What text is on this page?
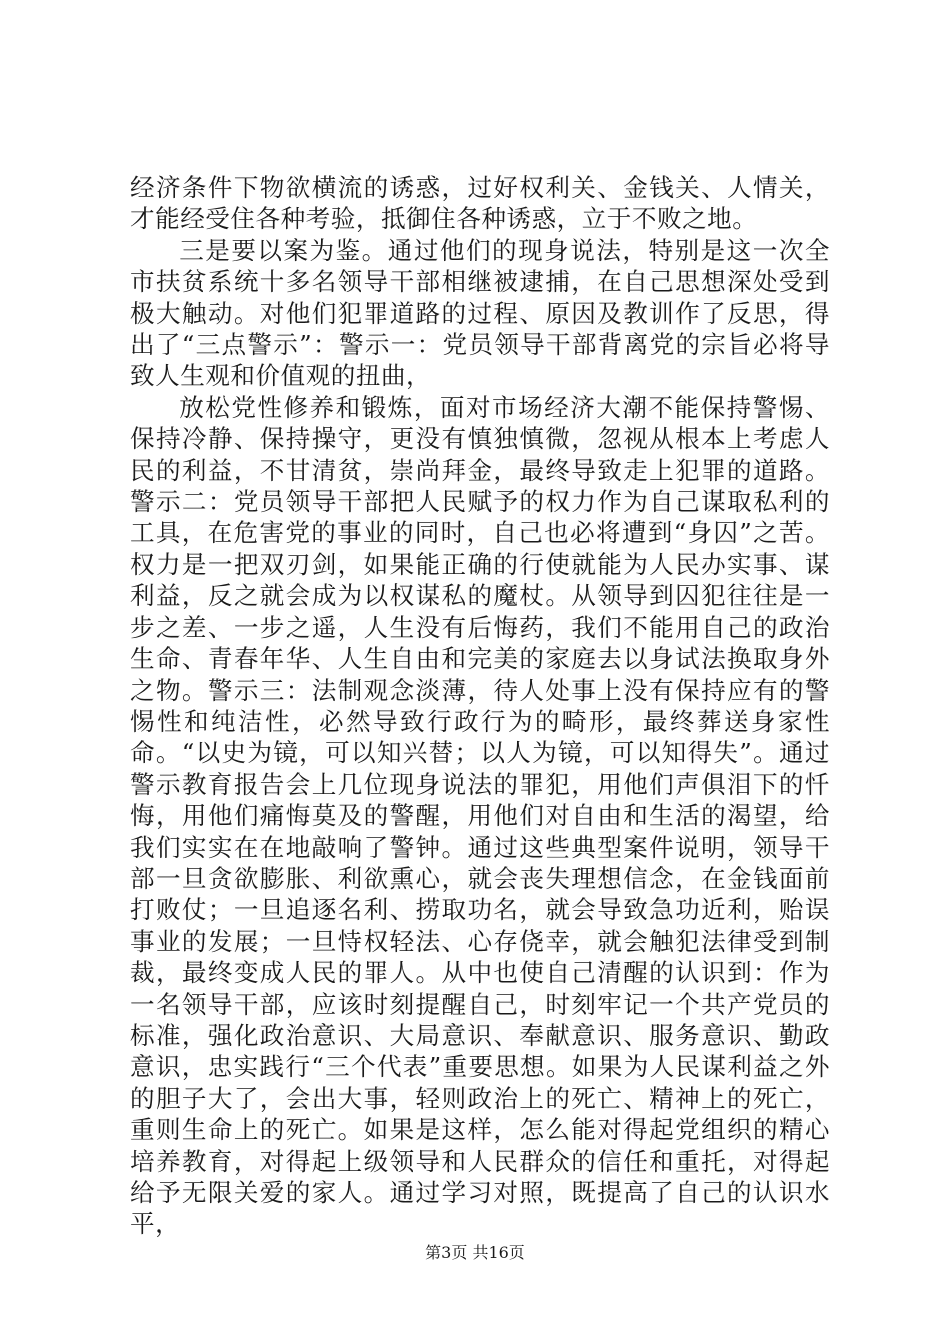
经济条件下物欲横流的诱惑，过好权利关、金钱关、人情关，才能经受住各种考验，抵御住各种诱惑，立于不败之地。

三是要以案为鉴。通过他们的现身说法，特别是这一次全市扶贫系统十多名领导干部相继被逮捕，在自己思想深处受到极大触动。对他们犯罪道路的过程、原因及教训作了反思，得出了“三点警示”：警示一：党员领导干部背离党的宗旨必将导致人生观和价值观的扭曲，

放松党性修养和锻炼，面对市场经济大潮不能保持警惕、保持冷静、保持操守，更没有慎独慎微，忽视从根本上考虑人民的利益，不甘清贫，崇尚拜金，最终导致走上犯罪的道路。警示二：党员领导干部把人民赋予的权力作为自己谋取私利的工具，在危害党的事业的同时，自己也必将遭到“身囚”之苦。权力是一把双刃剑，如果能正确的行使就能为人民办实事、谋利益，反之就会成为以权谋私的魔杖。从领导到囚犯往往是一步之差、一步之遥，人生没有后悔药，我们不能用自己的政治生命、青春年华、人生自由和完美的家庭去以身试法换取身外之物。警示三：法制观念淡薄，待人处事上没有保持应有的警惕性和纯洁性，必然导致行政行为的畸形，最终葬送身家性命。“以史为镜，可以知兴替；以人为镜，可以知得失”。通过警示教育报告会上几位现身说法的罪犯，用他们声俱泪下的忏悔，用他们痛悔莫及的警醒，用他们对自由和生活的渴望，给我们实实在在地敲响了警钟。通过这些典型案件说明，领导干部一旦贪欲膨胀、利欲熏心，就会丧失理想信念，在金钱面前打败仗；一旦追逐名利、捞取功名，就会导致急功近利，贻误事业的发展；一旦恃权轻法、心存侥幸，就会触犯法律受到制裁，最终变成人民的罪人。从中也使自己清醒的认识到：作为一名领导干部，应该时刻提醒自己，时刻牢记一个共产党员的标准，强化政治意识、大局意识、奉献意识、服务意识、勤政意识，忠实践行“三个代表”重要思想。如果为人民谋利益之外的胆子大了，会出大事，轻则政治上的死亡、精神上的死亡，重则生命上的死亡。如果是这样，怎么能对得起党组织的精心培养教育，对得起上级领导和人民群众的信任和重托，对得起给予无限关爱的家人。通过学习对照，既提高了自己的认识水平，

第3页 共16页
